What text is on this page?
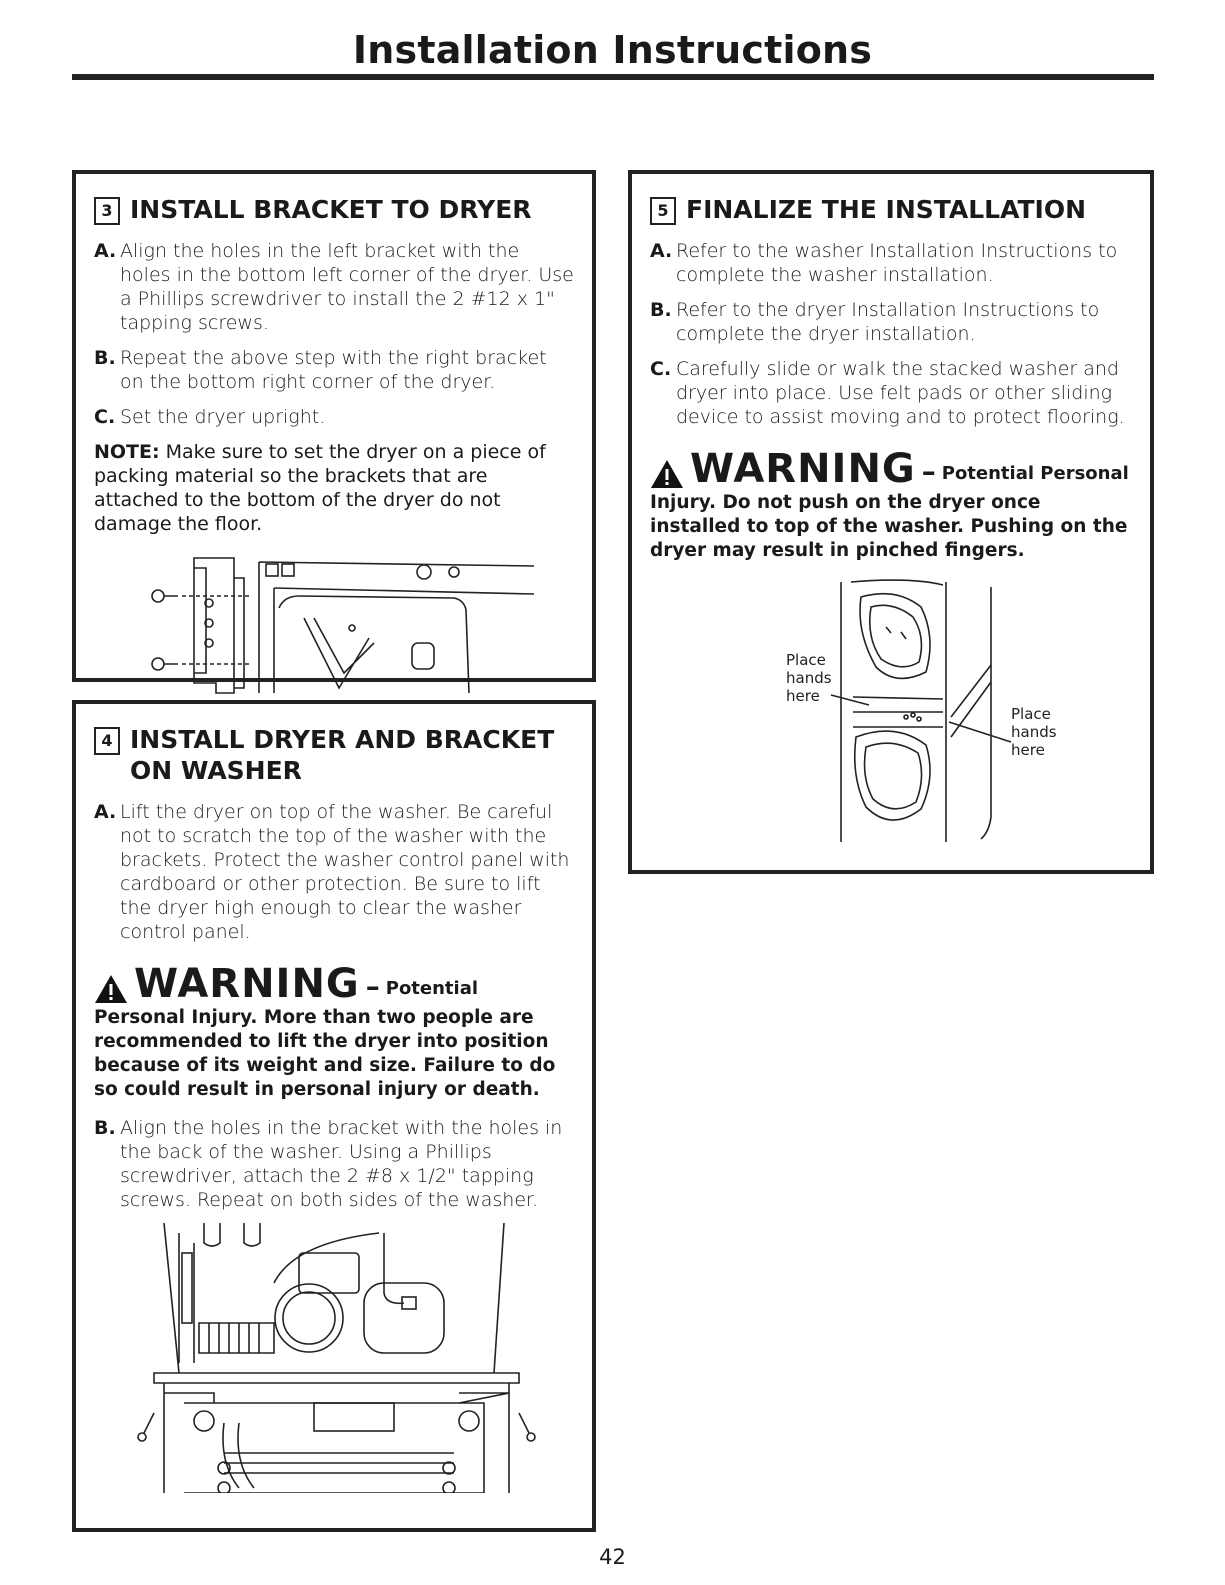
Installation Instructions
3 INSTALL BRACKET TO DRYER
A. Align the holes in the left bracket with the holes in the bottom left corner of the dryer. Use a Phillips screwdriver to install the 2 #12 x 1" tapping screws.
B. Repeat the above step with the right bracket on the bottom right corner of the dryer.
C. Set the dryer upright.

NOTE: Make sure to set the dryer on a piece of packing material so the brackets that are attached to the bottom of the dryer do not damage the floor.

4 INSTALL DRYER AND BRACKET
ON WASHER
A. Lift the dryer on top of the washer. Be careful not to scratch the top of the washer with the brackets. Protect the washer control panel with cardboard or other protection. Be sure to lift the dryer high enough to clear the washer control panel.
WARNING – Potential
Personal Injury. More than two people are recommended to lift the dryer into position because of its weight and size. Failure to do so could result in personal injury or death.
B. Align the holes in the bracket with the holes in the back of the washer. Using a Phillips screwdriver, attach the 2 #8 x 1/2" tapping screws. Repeat on both sides of the washer.
5 FINALIZE THE INSTALLATION
A. Refer to the washer Installation Instructions to complete the washer installation.
B. Refer to the dryer Installation Instructions to complete the dryer installation.
C. Carefully slide or walk the stacked washer and dryer into place. Use felt pads or other sliding device to assist moving and to protect flooring.
WARNING – Potential Personal
Injury. Do not push on the dryer once installed to top of the washer. Pushing on the dryer may result in pinched fingers.
Place
hands
here
Place
hands
here
42
